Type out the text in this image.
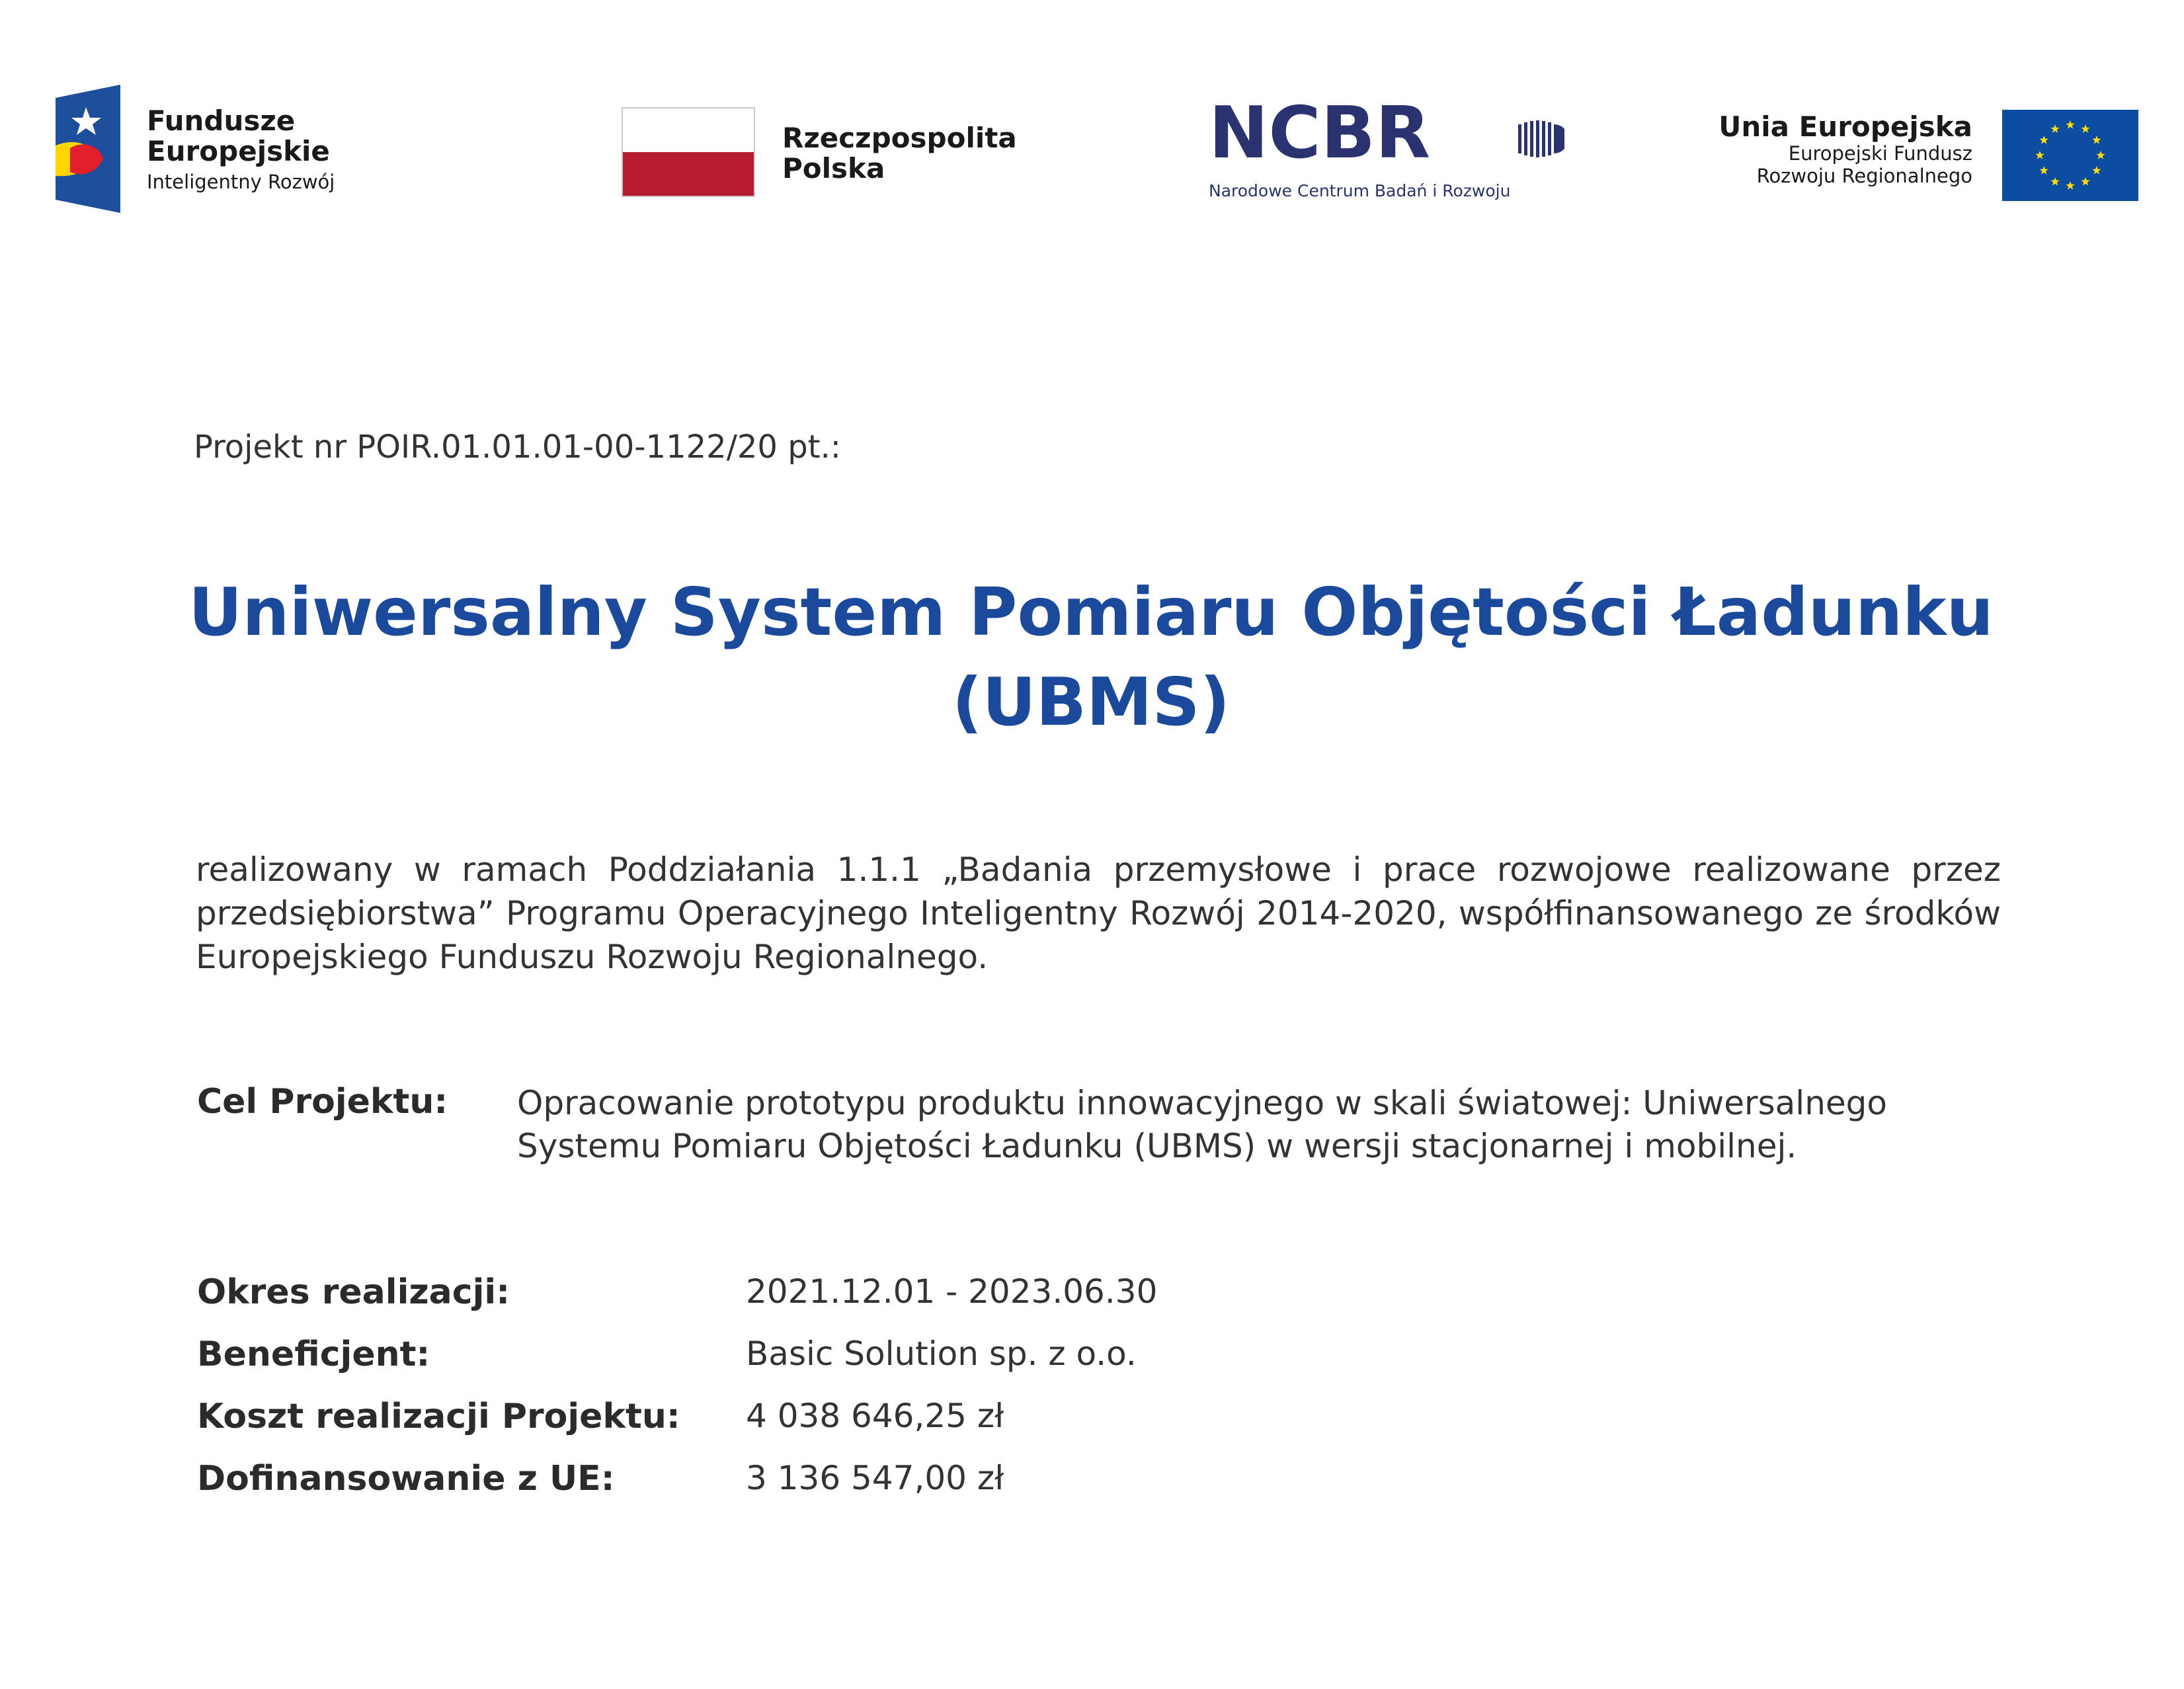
Fundusze
Europejskie
Inteligentny Rozwój
Rzeczpospolita
Polska	NCBR
Narodowe Centrum Badań i Rozwoju
Unia Europejska
Europejski Fundusz
Rozwoju Regionalnego
Projekt nr POIR.01.01.01-00-1122/20 pt.:
Uniwersalny System Pomiaru Objętości Ładunku
(UBMS)
realizowany w ramach Poddziałania 1.1.1 „Badania przemysłowe i prace rozwojowe realizowane przez przedsiębiorstwa” Programu Operacyjnego Inteligentny Rozwój 2014-2020, współfinansowanego ze środków Europejskiego Funduszu Rozwoju Regionalnego.
Cel Projektu: Opracowanie prototypu produktu innowacyjnego w skali światowej: Uniwersalnego Systemu Pomiaru Objętości Ładunku (UBMS) w wersji stacjonarnej i mobilnej.
Okres realizacji:	2021.12.01 - 2023.06.30
Beneficjent:	Basic Solution sp. z o.o.
Koszt realizacji Projektu: 4 038 646,25 zł
Dofinansowanie z UE:	3 136 547,00 zł
